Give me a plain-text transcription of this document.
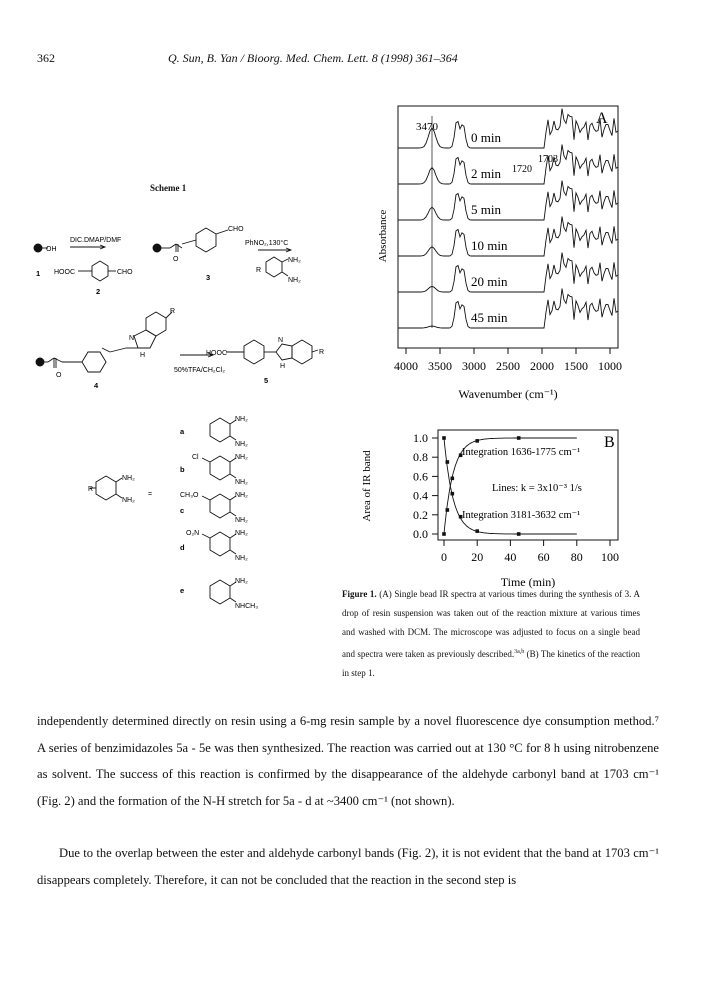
362	Q. Sun, B. Yan / Bioorg. Med. Chem. Lett. 8 (1998) 361–364
Scheme 1
OH
DIC.DMAP/DMF
HOOC	CHO
O
CHO
PhNO₂,130°C
R
NH₂
NH₂
1
2
3
R
N
H
O
4
50%TFA/CH₂Cl₂
HOOC
N
H
R
5
a
NH₂
NH₂
b
Cl	NH₂
NH₂
c
CH₃O	NH₂
NH₂
d
O₂N	NH₂
NH₂
e
NH₂
NHCH₃
R
NH₂
NH₂
=
3470
1703
1720
A
0 min
2 min
5 min
10 min
20 min
45 min
Absorbance
4000 3500 3000 2500 2000 1500 1000
Wavenumber (cm⁻¹)
0.0
0.2
0.4
0.6
0.8
1.0
0 20 40 60 80 100
Area of IR band
B
Integration 1636-1775 cm⁻¹
Lines: k = 3x10⁻³ 1/s
Integration 3181-3632 cm⁻¹
Time (min)
Figure 1. (A) Single bead IR spectra at various times during the synthesis of 3. A drop of resin suspension was taken out of the reaction mixture at various times and washed with DCM. The microscope was adjusted to focus on a single bead and spectra were taken as previously described.$^{3a,b}$ (B) The kinetics of the reaction in step 1.
independently determined directly on resin using a 6-mg resin sample by a novel fluorescence dye consumption method.⁷ A series of benzimidazoles 5a - 5e was then synthesized. The reaction was carried out at 130 °C for 8 h using nitrobenzene as solvent. The success of this reaction is confirmed by the disappearance of the aldehyde carbonyl band at 1703 cm⁻¹ (Fig. 2) and the formation of the N-H stretch for 5a - d at ~3400 cm⁻¹ (not shown).
Due to the overlap between the ester and aldehyde carbonyl bands (Fig. 2), it is not evident that the band at 1703 cm⁻¹ disappears completely. Therefore, it can not be concluded that the reaction in the second step is
